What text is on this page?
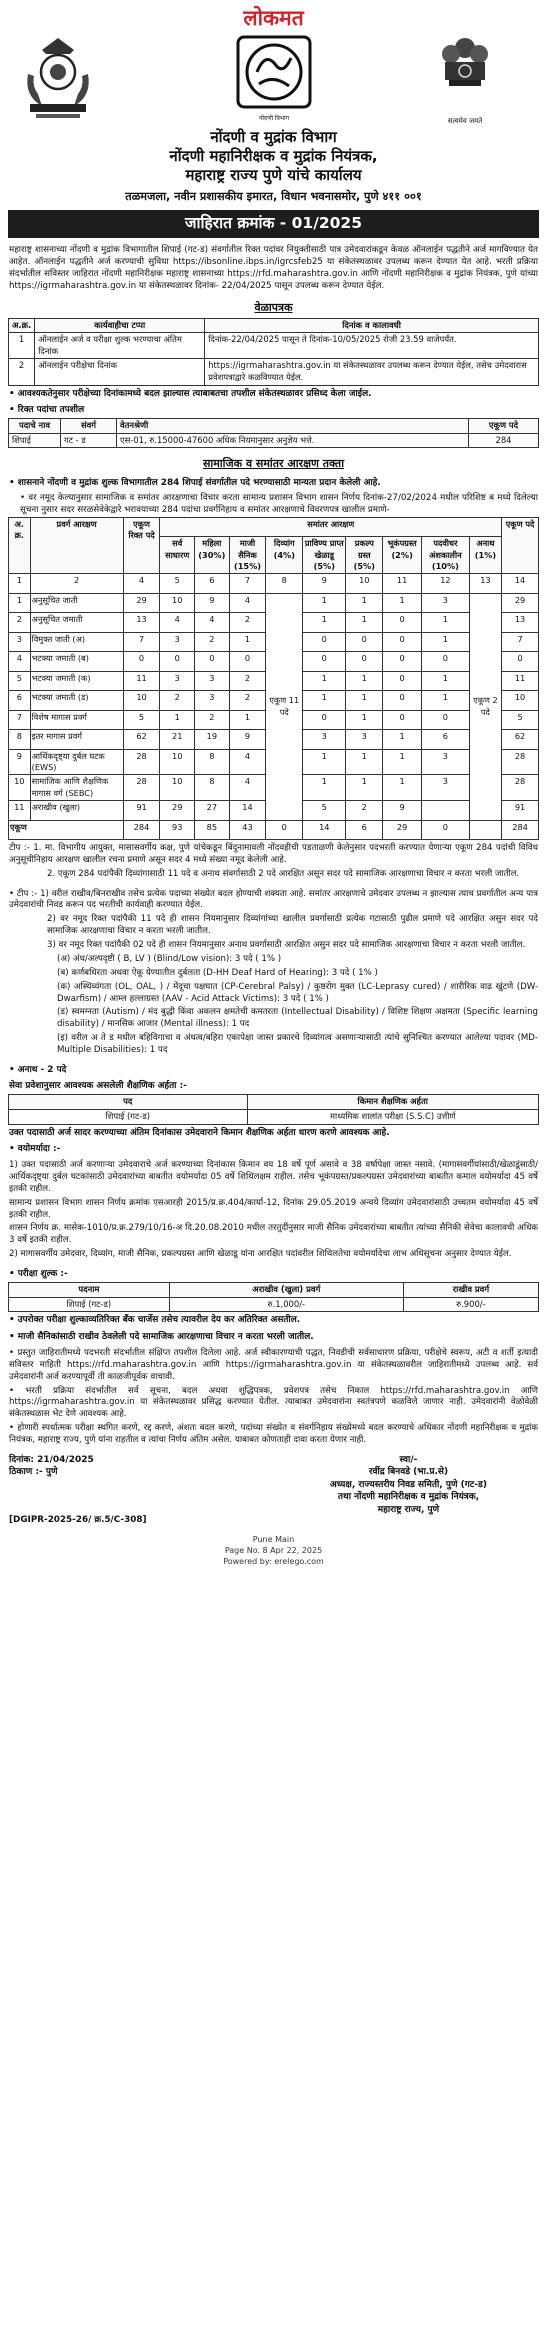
लोकमत
नोंदणी विभाग	सत्यमेव जयते
नोंदणी व मुद्रांक विभाग
नोंदणी महानिरीक्षक व मुद्रांक नियंत्रक,
महाराष्ट्र राज्य पुणे यांचे कार्यालय
तळमजला, नवीन प्रशासकीय इमारत, विधान भवनासमोर, पुणे ४११ ००१
जाहिरात क्रमांक - 01/2025
महाराष्ट्र शासनाच्या नोंदणी व मुद्रांक विभागातील शिपाई (गट-ड) संवर्गातील रिक्त पदांवर नियुक्तीसाठी पात्र उमेदवारांकडून केवळ ऑनलाईन पद्धतीने अर्ज मागविण्यात येत आहेत. ऑनलाईन पद्धतीने अर्ज करण्याची सुविधा https://ibsonline.ibps.in/igrcsfeb25 या संकेतस्थळावर उपलब्ध करून देण्यात येत आहे. भरती प्रक्रिया संदर्भातील सविस्तर जाहिरात नोंदणी महानिरीक्षक महाराष्ट्र शासनाच्या https://rfd.maharashtra.gov.in आणि नोंदणी महानिरीक्षक व मुद्रांक नियंत्रक, पुणे यांच्या https://igrmaharashtra.gov.in या संकेतस्थळावर दिनांक- 22/04/2025 पासून उपलब्ध करून देण्यात येईल.
वेळापत्रक
अ.क्र.	कार्यवाहीचा टप्पा	दिनांक व कालावधी
1	ऑनलाईन अर्ज व परीक्षा शुल्क भरण्याचा अंतिम दिनांक	दिनांक-22/04/2025 पासून ते दिनांक-10/05/2025 रोजी 23.59 वाजेपर्यंत.
2	ऑनलाईन परीक्षेचा दिनांक	https://igrmaharashtra.gov.in या संकेतस्थळावर उपलब्ध करून देण्यात येईल, तसेच उमेदवारास प्रवेशपत्राद्वारे कळविण्यात येईल.
• आवश्यकतेनुसार परीक्षेच्या दिनांकामध्ये बदल झाल्यास त्याबाबतचा तपशील संकेतस्थळावर प्रसिध्द केला जाईल.
• रिक्त पदांचा तपशील
पदाचे नाव	संवर्ग	वेतनश्रेणी	एकूण पदे
शिपाई	गट - ड	एस-01, रु.15000-47600 अधिक नियमानुसार अनुज्ञेय भत्ते.	284
सामाजिक व समांतर आरक्षण तक्ता
• शासनाने नोंदणी व मुद्रांक शुल्क विभागातील 284 शिपाई संवर्गातील पदे भरण्यासाठी मान्यता प्रदान केलेली आहे.
• वर नमूद केल्यानुसार सामाजिक व समांतर आरक्षणाचा विचार करता सामान्य प्रशासन विभाग शासन निर्णय दिनांक-27/02/2024 मधील परिशिष्ट ब मध्ये दिलेल्या सूचना नुसार सदर सरळसेवेकेद्वारे भरावयाच्या 284 पदांचा प्रवर्गनिहाय व समांतर आरक्षणाचे विवरणपत्र खालील प्रमाणे-
अ. क्र.	प्रवर्ग आरक्षण	एकूण रिक्त पदे	समांतर आरक्षण									एकूण पदे
			सर्व साधारण	महिला (30%)	माजी सैनिक (15%)	दिव्यांग (4%)	प्राविण्य प्राप्त खेळाडू (5%)	प्रकल्प ग्रस्त (5%)	भूकंपग्रस्त (2%)	पदवीधर अंशकालीन (10%)	अनाथ (1%)	
1	2	4	5	6	7	8	9	10	11	12	13	14
1	अनुसूचित जाती	29	10	9	4	एकूण 11 पदे	1	1	1	3	एकूण 2 पदे	29
2	अनुसूचित जमाती	13	4	4	2		1	1	0	1		13
3	विमुक्त जाती (अ)	7	3	2	1		0	0	0	1		7
4	भटक्या जमाती (ब)	0	0	0	0		0	0	0	0		0
5	भटक्या जमाती (क)	11	3	3	2		1	1	0	1		11
6	भटक्या जमाती (ड)	10	2	3	2		1	1	0	1		10
7	विशेष मागास प्रवर्ग	5	1	2	1		0	1	0	0		5
8	इतर मागास प्रवर्ग	62	21	19	9		3	3	1	6		62
9	आर्थिकदृष्ट्या दुर्बल घटक (EWS)	28	10	8	4		1	1	1	3		28
10	सामाजिक आणि शैक्षणिक मागास वर्ग (SEBC)	28	10	8	4		1	1	1	3		28
11	अराखीव (खुला)	91	29	27	14		5	2	9			91
एकूण		284	93	85	43	0	14	6	29	0		284

टीप :- 1. मा. विभागीय आयुक्त, मासासवर्गीय कक्ष, पुणे यांचेकडून बिंदुनामावली नोंदवहीची पडताळणी केलेनुसार पदभरती करण्यात येणाऱ्या एकूण 284 पदांची विविध अनुसूचीनिहाय आरक्षण खालील रचना प्रमाणे असून सदर 4 मध्ये संख्या नमूद केलेली आहे.

2. एकूण 284 पदांपैकी दिव्यांगासाठी 11 पदे व अनाथ संवर्गासाठी 2 पदे आरक्षित असून सदर पदे सामाजिक आरक्षणाचा विचार न करता भरली जातील.

• टीप :- 1) वरील राखीव/बिनराखीव तसेच प्रत्येक पदाच्या संख्येत बदल होण्याची शक्यता आहे. समांतर आरक्षणाचे उमेदवार उपलब्ध न झाल्यास त्याच प्रवर्गातील अन्य पात्र उमेदवारांची निवड करून पद भरतीची कार्यवाही करण्यात येईल.

2) वर नमूद रिक्त पदांपैकी 11 पदे ही शासन नियमानुसार दिव्यांगांच्या खालील प्रवर्गासाठी प्रत्येक गटासाठी पुढील प्रमाणे पदे आरक्षित असुन सदर पदे सामाजिक आरक्षणाचा विचार न करता भरली जातील.

3) वर नमूद रिक्त पदांपैकी 02 पदे ही शासन नियमानुसार अनाथ प्रवर्गासाठी आरक्षित असुन सदर पदे सामाजिक आरक्षणाचा विचार न करता भरली जातील.

(अ) अंध/अल्पदृष्टी ( B, LV ) (Blind/Low vision): 3 पदे ( 1% )

(ब) कर्णबधिरता अथवा ऐकू येण्यातील दुर्बलता (D-HH Deaf Hard of Hearing): 3 पदे ( 1% )

(क) अस्थिव्यंगता (OL, OAL, ) / मेंदूचा पक्षघात (CP-Cerebral Palsy) / कुष्ठरोग मुक्त (LC-Leprasy cured) / शारीरिक वाढ खुंटणे (DW-Dwarfism) / आम्ल हल्लाग्रस्त (AAV - Acid Attack Victims): 3 पदे ( 1% )

(ड) स्वमग्नता (Autism) / मंद बुद्धी किंवा अकलन क्षमतेची कमतरता (Intellectual Disability) / विशिष्ट शिक्षण अक्षमता (Specific learning disability) / मानसिक आजार (Mental illness): 1 पद

(इ) वरील अ ते ड मधील बहिविगाचा व अंधत्व/बहिरा एकापेक्षा जास्त प्रकारचे दिव्यांगत्व असणाऱ्यासाठी त्यांचे सुनिश्चित करण्यात आलेल्या पदावर (MD- Multiple Disabilities): 1 पद

• अनाथ - 2 पदे
सेवा प्रवेशानुसार आवश्यक असलेली शैक्षणिक अर्हता :-
पद	किमान शैक्षणिक अर्हता
शिपाई (गट-ड)	माध्यमिक शालांत परीक्षा (S.S.C) उत्तीर्ण
उक्त पदासाठी अर्ज सादर करण्याच्या अंतिम दिनांकास उमेदवाराने किमान शैक्षणिक अर्हता धारण करणे आवश्यक आहे.
• वयोमर्यादा :-

1) उक्त पदासाठी अर्ज करणाऱ्या उमेदवाराचे अर्ज करण्याच्या दिनांकास किमान वय 18 वर्षे पूर्ण असावे व 38 वर्षापेक्षा जास्त नसावे. (मागासवर्गीयांसाठी/खेळाडूंसाठी/आर्थिकदृष्ट्या दुर्बल घटकांसाठी उमेदवारांच्या बाबतीत वयोमर्यादा 05 वर्षे शिथिलक्षम राहील. तसेच भूकंपग्रस्त/प्रकल्पग्रस्त उमेदवारांच्या बाबतीत कमाल वयोमर्यादा 45 वर्षे इतकी राहील.

सामान्य प्रशासन विभाग शासन निर्णय क्रमांक एसआरही 2015/प्र.क्र.404/कार्या-12, दिनांक 29.05.2019 अन्वये दिव्यांग उमेदवारांसाठी उच्चतम वयोमर्यादा 45 वर्षे इतकी राहील.

शासन निर्णय क्र. मासेक-1010/प्र.क्र.279/10/16-अ दि.20.08.2010 मधील तरतुदींनुसार माजी सैनिक उमेदवारांच्या बाबतीत त्यांच्या सैनिकी सेवेचा कालावधी अधिक 3 वर्षे इतकी राहील.

2) मागासवर्गीय उमेदवार, दिव्यांग, माजी सैनिक, प्रकल्पग्रस्त आणि खेळाडू यांना आरक्षित पदांवरील शिथिलतेचा वयोमर्यादेचा लाभ अधिसूचना अनुसार देण्यात येईल.

• परीक्षा शुल्क :-
पदनाम	अराखीव (खुला) प्रवर्ग	राखीव प्रवर्ग
शिपाई (गट-ड)	रु.1,000/-	रु.900/-
• उपरोक्त परीक्षा शुल्काव्यतिरिक्त बँक चार्जेस तसेच त्यावरील देय कर अतिरिक्त असतील.
• माजी सैनिकांसाठी राखीव ठेवलेली पदे सामाजिक आरक्षणाचा विचार न करता भरली जातील.

• प्रस्तुत जाहिरातीमध्ये पदभरती संदर्भातील संक्षिप्त तपशील दिलेला आहे. अर्ज स्वीकारण्याची पद्धत, निवडीची सर्वसाधारण प्रक्रिया, परीक्षेचे स्वरूप, अटी व शर्ती इत्यादी सविस्तर माहिती https://rfd.maharashtra.gov.in आणि https://igrmaharashtra.gov.in या संकेतस्थळावरील जाहिरातीमध्ये उपलब्ध आहे. सर्व उमेदवारांनी अर्ज करण्यापूर्वी ती काळजीपूर्वक वाचावी.

• भरती प्रक्रिया संदर्भातील सर्व सूचना, बदल अथवा शुद्धिपत्रक, प्रवेशपत्र तसेच निकाल https://rfd.maharashtra.gov.in आणि https://igrmaharashtra.gov.in या संकेतस्थळावर प्रसिद्ध करण्यात येतील. त्याबाबत उमेदवारांना स्वतंत्रपणे कळविले जाणार नाही. उमेदवारांनी वेळोवेळी संकेतस्थळास भेट देणे आवश्यक आहे.

• होणारी स्पर्धात्मक परीक्षा स्थगित करणे, रद्द करणे, अंशतः बदल करणे, पदांच्या संख्येत व संवर्गनिहाय संख्येमध्ये बदल करण्याचे अधिकार नोंदणी महानिरीक्षक व मुद्रांक नियंत्रक, महाराष्ट्र राज्य, पुणे यांना राहतील व त्यांचा निर्णय अंतिम असेल. याबाबत कोणताही दावा करता येणार नाही.

दिनांक: 21/04/2025
ठिकाण :- पुणे
स्वा/-
रवींद्र बिनवडे (भा.प्र.से)
अध्यक्ष, राज्यस्तरीय निवड समिती, पुणे (गट-ड)
तथा नोंदणी महानिरीक्षक व मुद्रांक नियंत्रक,
महाराष्ट्र राज्य, पुणे
[DGIPR-2025-26/ क्र.5/C-308]
Pune Main
Page No. 8 Apr 22, 2025
Powered by: erelego.com
